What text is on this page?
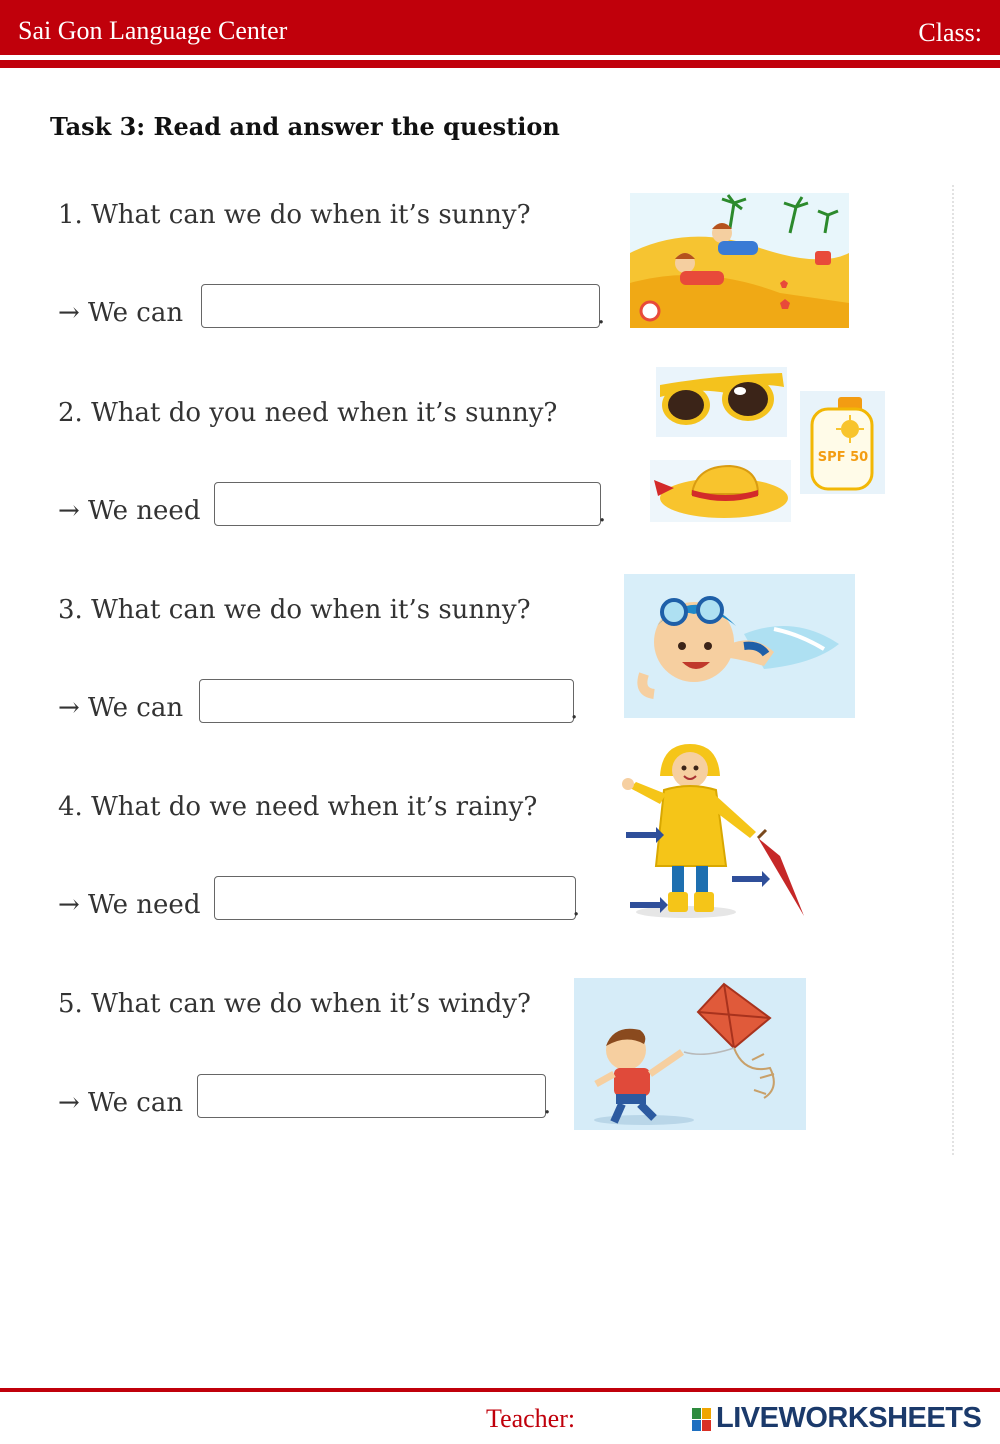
Sai Gon Language Center	Class:
Task 3: Read and answer the question
1. What can we do when it’s sunny?
→ We can	.
2. What do you need when it’s sunny?
→ We need	.
SPF 50
3. What can we do when it’s sunny?
→ We can	.
4. What do we need when it’s rainy?
→ We need	.
5. What can we do when it’s windy?
→ We can	.
Teacher:	LIVEWORKSHEETS
